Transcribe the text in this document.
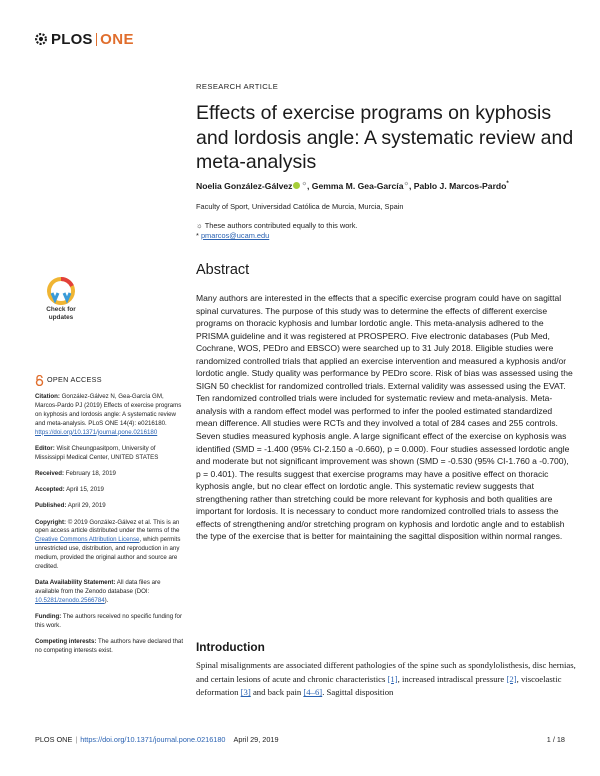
PLOS ONE
RESEARCH ARTICLE
Effects of exercise programs on kyphosis and lordosis angle: A systematic review and meta-analysis
Noelia González-Gálvez ☼, Gemma M. Gea-García☼, Pablo J. Marcos-Pardo*
Faculty of Sport, Universidad Católica de Murcia, Murcia, Spain
☼ These authors contributed equally to this work.
* pmarcos@ucam.edu
Abstract

Many authors are interested in the effects that a specific exercise program could have on sagittal spinal curvatures. The purpose of this study was to determine the effects of different exercise programs on thoracic kyphosis and lumbar lordotic angle. This meta-analysis adhered to the PRISMA guideline and it was registered at PROSPERO. Five electronic databases (Pub Med, Cochrane, WOS, PEDro and EBSCO) were searched up to 31 July 2018. Eligible studies were randomized controlled trials that applied an exercise intervention and measured a kyphosis and/or lordotic angle. Study quality was performance by PEDro score. Risk of bias was assessed using the SIGN 50 checklist for randomized controlled trials. External validity was assessed using the EVAT. Ten randomized controlled trials were included for systematic review and meta-analysis. Meta-analysis with a random effect model was performed to infer the pooled estimated standardized mean difference. All studies were RCTs and they involved a total of 284 cases and 255 controls. Seven studies measured kyphosis angle. A large significant effect of the exercise on kyphosis was identified (SMD = -1.400 (95% CI-2.150 a -0.660), p = 0.000). Four studies assessed lordotic angle and moderate but not significant improvement was shown (SMD = -0.530 (95% CI-1.760 a -0.700), p = 0.401). The results suggest that exercise programs may have a positive effect on thoracic kyphosis angle, but no clear effect on lordotic angle. This systematic review suggests that strengthening rather than stretching could be more relevant for kyphosis and both qualities are important for lordosis. It is necessary to conduct more randomized controlled trials to assess the effects of strengthening and/or stretching program on kyphosis and lordotic angle and to establish the type of the exercise that is better for maintaining the sagittal disposition within normal ranges.

Check for
updates
OPEN ACCESS

Citation: González-Gálvez N, Gea-García GM, Marcos-Pardo PJ (2019) Effects of exercise programs on kyphosis and lordosis angle: A systematic review and meta-analysis. PLoS ONE 14(4): e0216180. https://doi.org/10.1371/journal.pone.0216180

Editor: Wisit Cheungpasitporn, University of Mississippi Medical Center, UNITED STATES

Received: February 18, 2019

Accepted: April 15, 2019

Published: April 29, 2019

Copyright: © 2019 González-Gálvez et al. This is an open access article distributed under the terms of the Creative Commons Attribution License, which permits unrestricted use, distribution, and reproduction in any medium, provided the original author and source are credited.

Data Availability Statement: All data files are available from the Zenodo database (DOI: 10.5281/zenodo.2566784).

Funding: The authors received no specific funding for this work.

Competing interests: The authors have declared that no competing interests exist.	Introduction

Spinal misalignments are associated different pathologies of the spine such as spondylolisthesis, disc hernias, and certain lesions of acute and chronic characteristics [1], increased intradiscal pressure [2], viscoelastic deformation [3] and back pain [4–6]. Sagittal disposition

PLOS ONE | https://doi.org/10.1371/journal.pone.0216180 April 29, 2019	1 / 18
